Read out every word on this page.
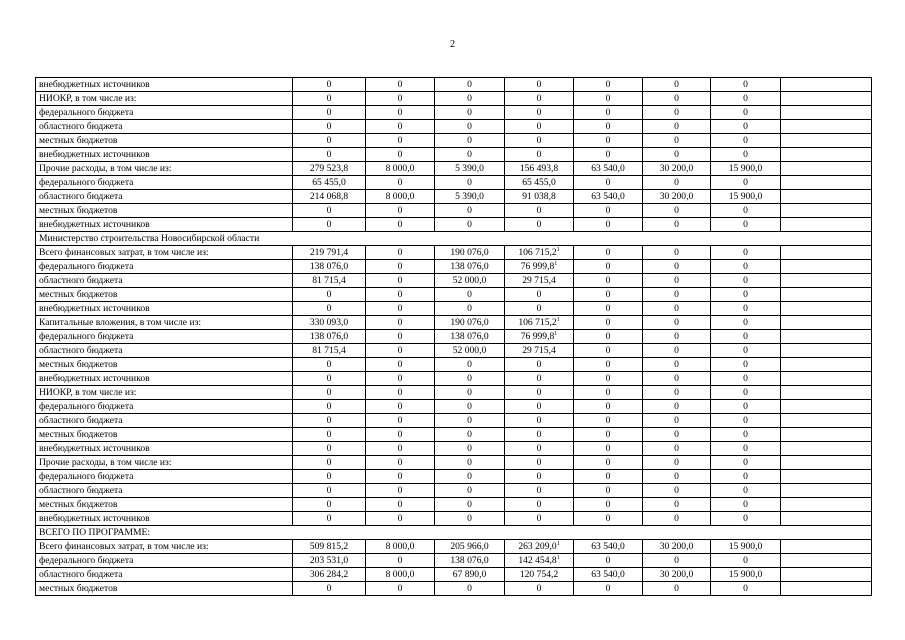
2
внебюджетных источников	0	0	0	0	0	0	0	
НИОКР, в том числе из:	0	0	0	0	0	0	0	
федерального бюджета	0	0	0	0	0	0	0	
областного бюджета	0	0	0	0	0	0	0	
местных бюджетов	0	0	0	0	0	0	0	
внебюджетных источников	0	0	0	0	0	0	0	
Прочие расходы, в том числе из:	279 523,8	8 000,0	5 390,0	156 493,8	63 540,0	30 200,0	15 900,0	
федерального бюджета	65 455,0	0	0	65 455,0	0	0	0	
областного бюджета	214 068,8	8 000,0	5 390,0	91 038,8	63 540,0	30 200,0	15 900,0	
местных бюджетов	0	0	0	0	0	0	0	
внебюджетных источников	0	0	0	0	0	0	0	
Министерство строительства Новосибирской области								
Всего финансовых затрат, в том числе из:	219 791,4	0	190 076,0	106 715,2$^1$	0	0	0	
федерального бюджета	138 076,0	0	138 076,0	76 999,8$^1$	0	0	0	
областного бюджета	81 715,4	0	52 000,0	29 715,4	0	0	0	
местных бюджетов	0	0	0	0	0	0	0	
внебюджетных источников	0	0	0	0	0	0	0	
Капитальные вложения, в том числе из:	330 093,0	0	190 076,0	106 715,2$^1$	0	0	0	
федерального бюджета	138 076,0	0	138 076,0	76 999,8$^1$	0	0	0	
областного бюджета	81 715,4	0	52 000,0	29 715,4	0	0	0	
местных бюджетов	0	0	0	0	0	0	0	
внебюджетных источников	0	0	0	0	0	0	0	
НИОКР, в том числе из:	0	0	0	0	0	0	0	
федерального бюджета	0	0	0	0	0	0	0	
областного бюджета	0	0	0	0	0	0	0	
местных бюджетов	0	0	0	0	0	0	0	
внебюджетных источников	0	0	0	0	0	0	0	
Прочие расходы, в том числе из:	0	0	0	0	0	0	0	
федерального бюджета	0	0	0	0	0	0	0	
областного бюджета	0	0	0	0	0	0	0	
местных бюджетов	0	0	0	0	0	0	0	
внебюджетных источников	0	0	0	0	0	0	0	
ВСЕГО ПО ПРОГРАММЕ:								
Всего финансовых затрат, в том числе из:	509 815,2	8 000,0	205 966,0	263 209,0$^1$	63 540,0	30 200,0	15 900,0	
федерального бюджета	203 531,0	0	138 076,0	142 454,8$^1$	0	0	0	
областного бюджета	306 284,2	8 000,0	67 890,0	120 754,2	63 540,0	30 200,0	15 900,0	
местных бюджетов	0	0	0	0	0	0	0	
